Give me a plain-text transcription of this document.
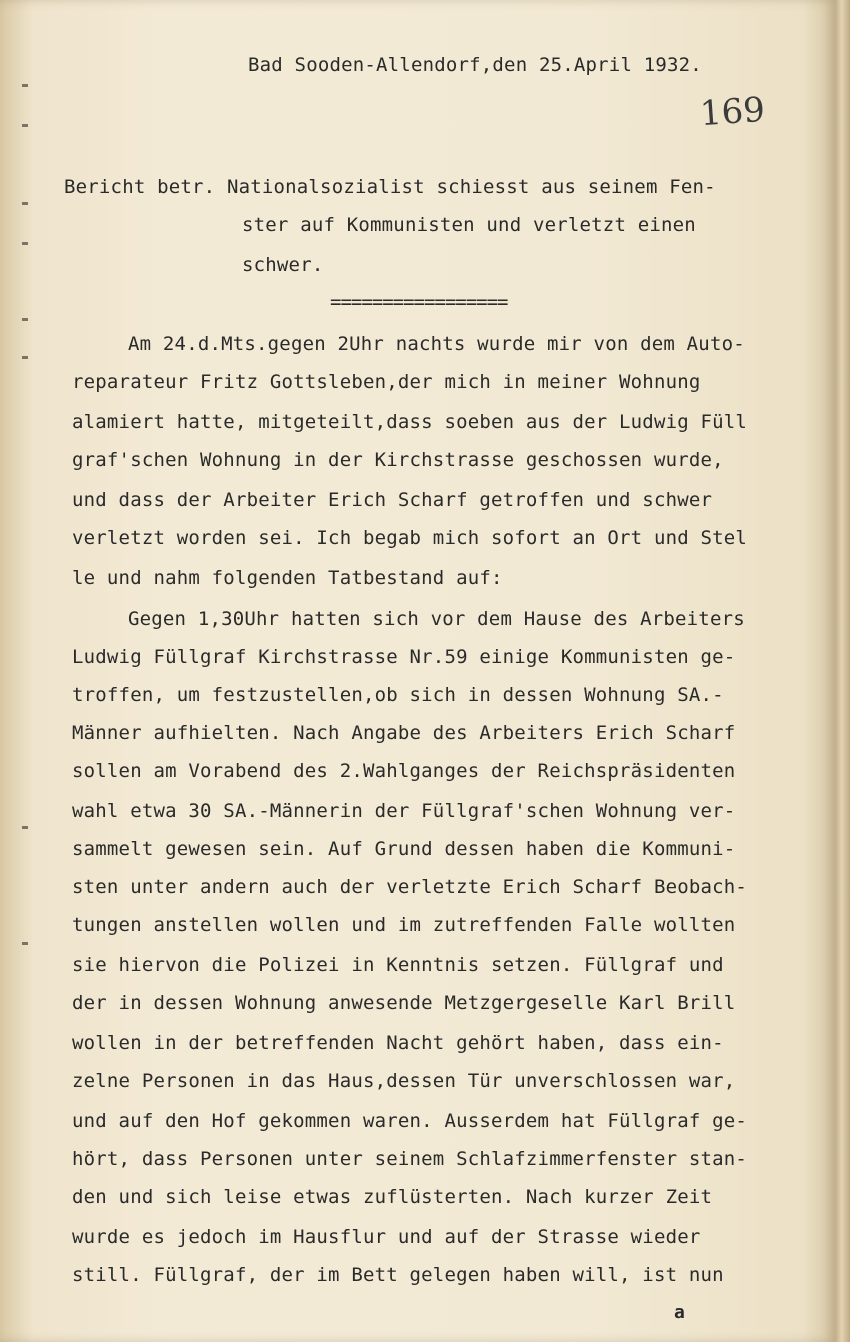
Bad Sooden-Allendorf,den 25.April 1932.
169
Bericht betr. Nationalsozialist schiesst aus seinem Fen-
ster auf Kommunisten und verletzt einen
schwer.
=================
Am 24.d.Mts.gegen 2Uhr nachts wurde mir von dem Auto-
reparateur Fritz Gottsleben,der mich in meiner Wohnung
alamiert hatte, mitgeteilt,dass soeben aus der Ludwig Füll
graf'schen Wohnung in der Kirchstrasse geschossen wurde,
und dass der Arbeiter Erich Scharf getroffen und schwer
verletzt worden sei. Ich begab mich sofort an Ort und Stel
le und nahm folgenden Tatbestand auf:
Gegen 1,30Uhr hatten sich vor dem Hause des Arbeiters
Ludwig Füllgraf Kirchstrasse Nr.59 einige Kommunisten ge-
troffen, um festzustellen,ob sich in dessen Wohnung SA.-
Männer aufhielten. Nach Angabe des Arbeiters Erich Scharf
sollen am Vorabend des 2.Wahlganges der Reichspräsidenten
wahl etwa 30 SA.-Männerin der Füllgraf'schen Wohnung ver-
sammelt gewesen sein. Auf Grund dessen haben die Kommuni-
sten unter andern auch der verletzte Erich Scharf Beobach-
tungen anstellen wollen und im zutreffenden Falle wollten
sie hiervon die Polizei in Kenntnis setzen. Füllgraf und
der in dessen Wohnung anwesende Metzgergeselle Karl Brill
wollen in der betreffenden Nacht gehört haben, dass ein-
zelne Personen in das Haus,dessen Tür unverschlossen war,
und auf den Hof gekommen waren. Ausserdem hat Füllgraf ge-
hört, dass Personen unter seinem Schlafzimmerfenster stan-
den und sich leise etwas zuflüsterten. Nach kurzer Zeit
wurde es jedoch im Hausflur und auf der Strasse wieder
still. Füllgraf, der im Bett gelegen haben will, ist nun
a
